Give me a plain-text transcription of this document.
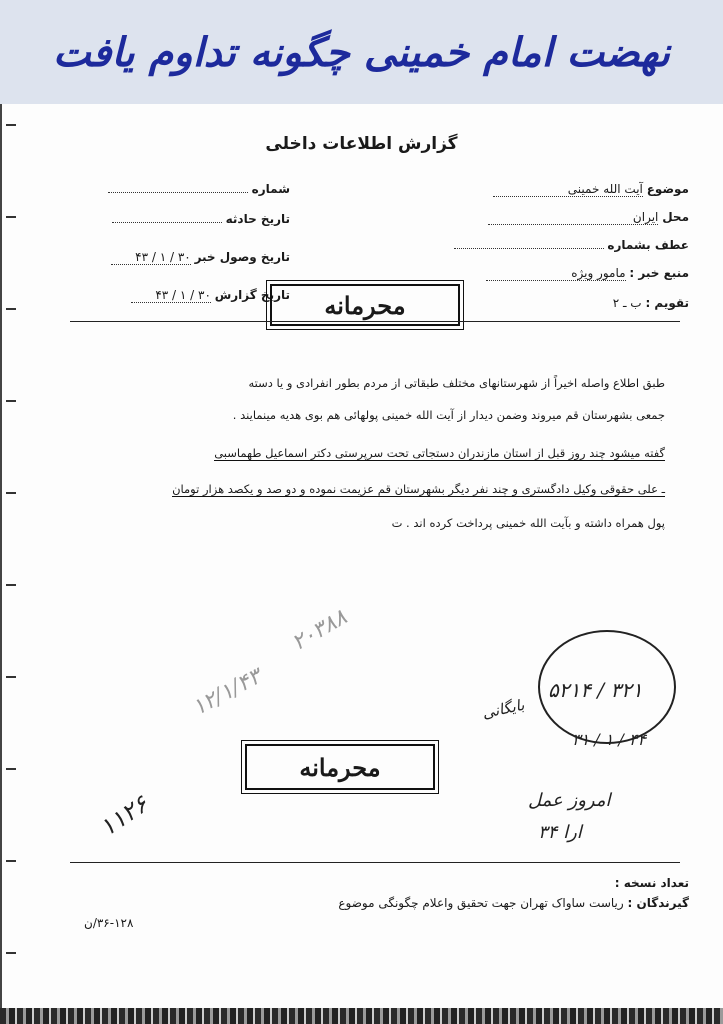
نهضت امام خمینی چگونه تداوم یافت
گزارش اطلاعات داخلی
موضوع آیت الله خمینی
محل ایران
عطف بشماره
منبع خبر : مامور ویژه
تقویم : ب ـ ۲
شماره
تاریخ حادثه
تاریخ وصول خبر ۳۰ / ۱ / ۴۳
تاریخ گزارش ۳۰ / ۱ / ۴۳	محرمانه
طبق اطلاع واصله اخیراً از شهرستانهای مختلف طبقاتی از مردم بطور انفرادی و یا دسته
جمعی بشهرستان قم میروند وضمن دیدار از آیت الله خمینی پولهائی هم بوی هدیه مینمایند .
گفته میشود چند روز قبل از استان مازندران دستجاتی تحت سرپرستی دکتر اسماعیل طهماسبی
ـ علی حقوقی وکیل دادگستری و چند نفر دیگر بشهرستان قم عزیمت نموده و دو صد و یکصد هزار تومان
پول همراه داشته و بآیت الله خمینی پرداخت کرده اند . ت
۳۲۱ / ۵۲۱۴
۴۴ / ۱ / ۳۱
بایگانی
۱۲/۱/۴۳
۲۰۳۸۸
۱۱۲۶
محرمانه
امروز عمل
ارا ۳۴
تعداد نسخه :
گیرندگان : ریاست ساواک تهران جهت تحقیق واعلام چگونگی موضوع
۳۶-۱۲۸/ن
